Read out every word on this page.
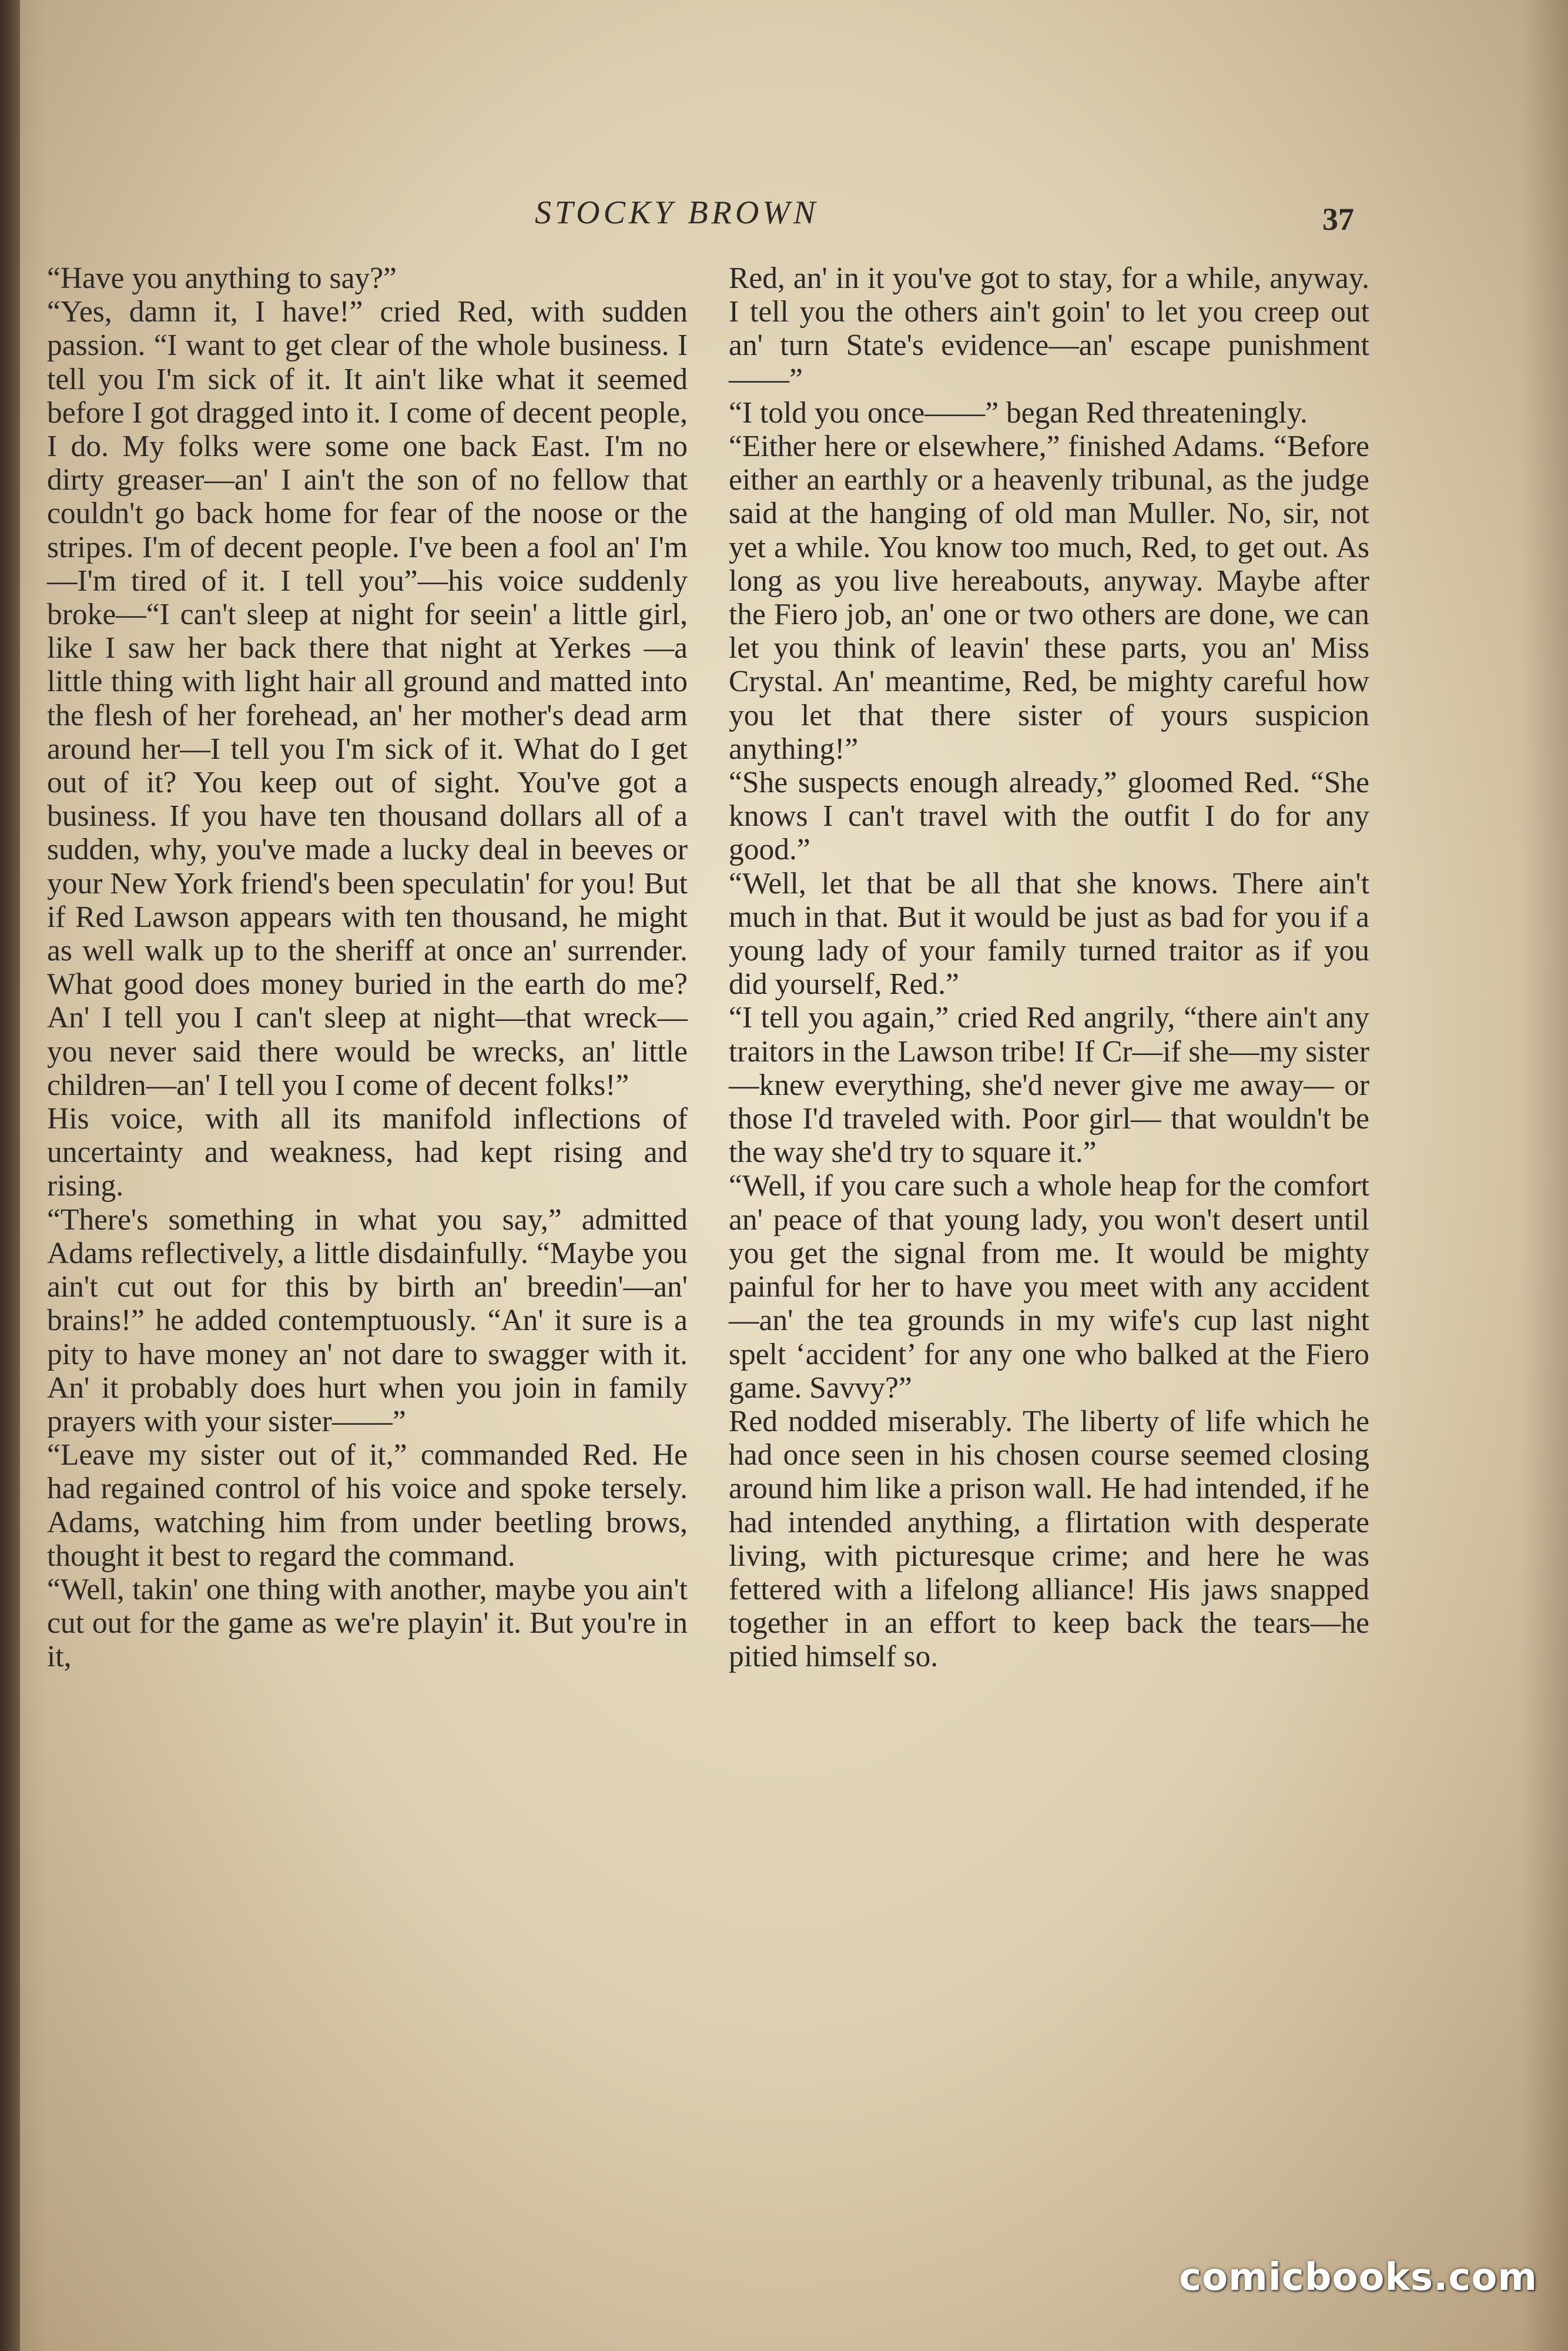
STOCKY BROWN	37

“Have you anything to say?”

“Yes, damn it, I have!” cried Red, with sudden passion. “I want to get clear of the whole business. I tell you I'm sick of it. It ain't like what it seemed before I got dragged into it. I come of decent people, I do. My folks were some one back East. I'm no dirty greaser—an' I ain't the son of no fellow that couldn't go back home for fear of the noose or the stripes. I'm of decent people. I've been a fool an' I'm—I'm tired of it. I tell you”—his voice suddenly broke—“I can't sleep at night for seein' a little girl, like I saw her back there that night at Yerkes —a little thing with light hair all ground and matted into the flesh of her forehead, an' her mother's dead arm around her—I tell you I'm sick of it. What do I get out of it? You keep out of sight. You've got a business. If you have ten thousand dollars all of a sudden, why, you've made a lucky deal in beeves or your New York friend's been speculatin' for you! But if Red Lawson appears with ten thousand, he might as well walk up to the sheriff at once an' surrender. What good does money buried in the earth do me? An' I tell you I can't sleep at night—that wreck—you never said there would be wrecks, an' little children—an' I tell you I come of decent folks!”

His voice, with all its manifold inflections of uncertainty and weakness, had kept rising and rising.

“There's something in what you say,” admitted Adams reflectively, a little disdainfully. “Maybe you ain't cut out for this by birth an' breedin'—an' brains!” he added contemptuously. “An' it sure is a pity to have money an' not dare to swagger with it. An' it probably does hurt when you join in family prayers with your sister——”

“Leave my sister out of it,” commanded Red. He had regained control of his voice and spoke tersely. Adams, watching him from under beetling brows, thought it best to regard the command.

“Well, takin' one thing with another, maybe you ain't cut out for the game as we're playin' it. But you're in it,

Red, an' in it you've got to stay, for a while, anyway. I tell you the others ain't goin' to let you creep out an' turn State's evidence—an' escape punishment——”

“I told you once——” began Red threateningly.

“Either here or elsewhere,” finished Adams. “Before either an earthly or a heavenly tribunal, as the judge said at the hanging of old man Muller. No, sir, not yet a while. You know too much, Red, to get out. As long as you live hereabouts, anyway. Maybe after the Fiero job, an' one or two others are done, we can let you think of leavin' these parts, you an' Miss Crystal. An' meantime, Red, be mighty careful how you let that there sister of yours suspicion anything!”

“She suspects enough already,” gloomed Red. “She knows I can't travel with the outfit I do for any good.”

“Well, let that be all that she knows. There ain't much in that. But it would be just as bad for you if a young lady of your family turned traitor as if you did yourself, Red.”

“I tell you again,” cried Red angrily, “there ain't any traitors in the Lawson tribe! If Cr—if she—my sister—knew everything, she'd never give me away— or those I'd traveled with. Poor girl— that wouldn't be the way she'd try to square it.”

“Well, if you care such a whole heap for the comfort an' peace of that young lady, you won't desert until you get the signal from me. It would be mighty painful for her to have you meet with any accident—an' the tea grounds in my wife's cup last night spelt ‘accident’ for any one who balked at the Fiero game. Savvy?”

Red nodded miserably. The liberty of life which he had once seen in his chosen course seemed closing around him like a prison wall. He had intended, if he had intended anything, a flirtation with desperate living, with picturesque crime; and here he was fettered with a lifelong alliance! His jaws snapped together in an effort to keep back the tears—he pitied himself so.

comicbooks.com
